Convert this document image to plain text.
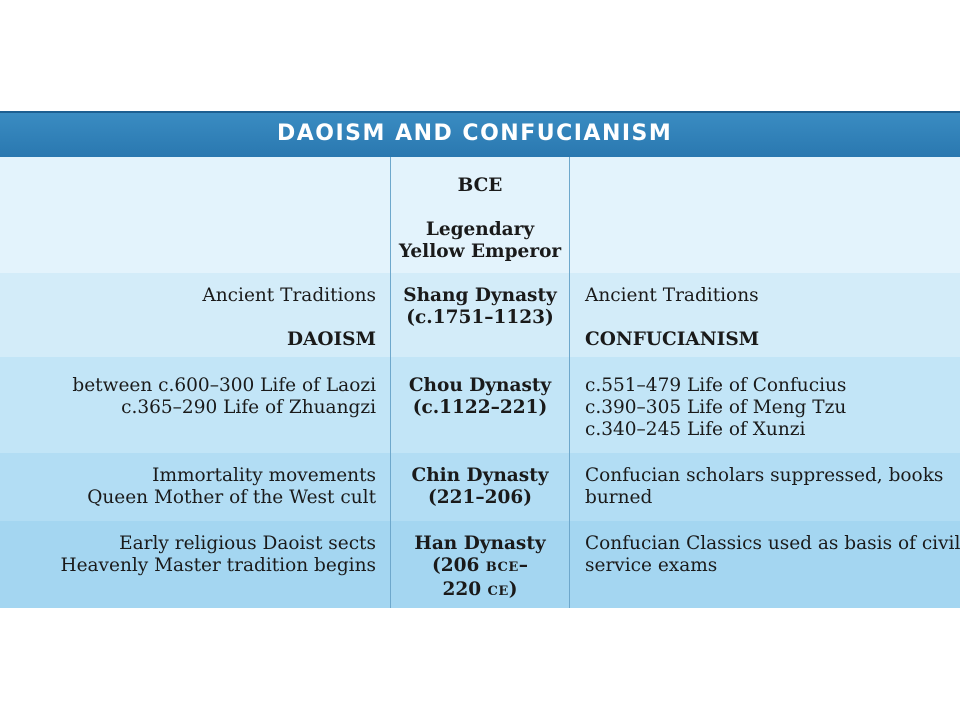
DAOISM AND CONFUCIANISM
BCE

Legendary
Yellow Emperor
Ancient Traditions

DAOISM
Shang Dynasty
(c.1751–1123)
Ancient Traditions

CONFUCIANISM
between c.600–300 Life of Laozi
c.365–290 Life of Zhuangzi
Chou Dynasty
(c.1122–221)
c.551–479 Life of Confucius
c.390–305 Life of Meng Tzu
c.340–245 Life of Xunzi
Immortality movements
Queen Mother of the West cult
Chin Dynasty
(221–206)
Confucian scholars suppressed, books
burned
Early religious Daoist sects
Heavenly Master tradition begins
Han Dynasty
(206 BCE–
220 CE)
Confucian Classics used as basis of civil
service exams
